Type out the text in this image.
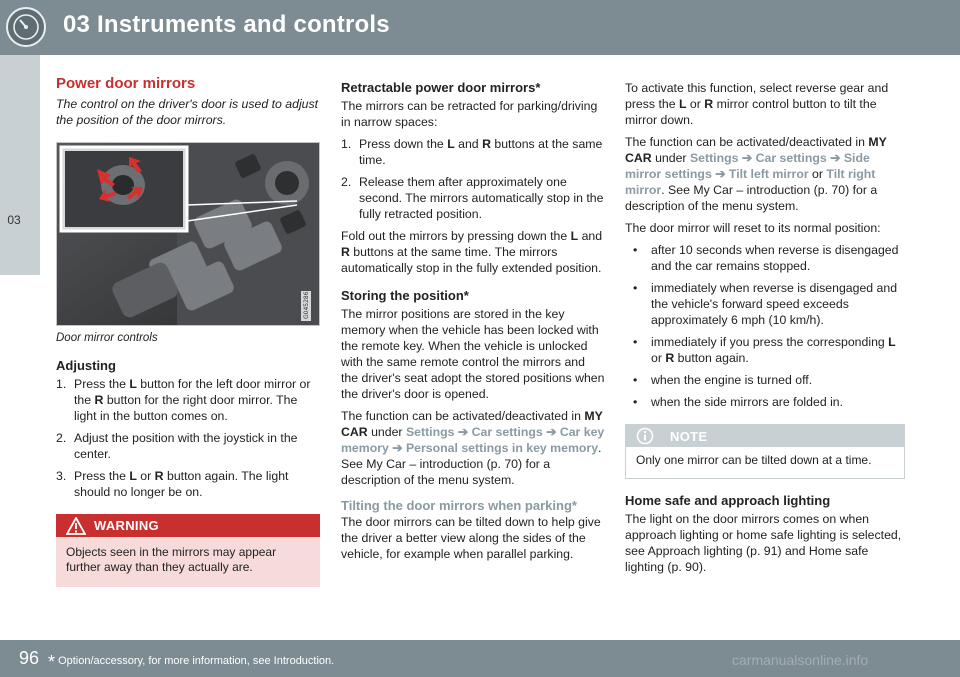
03 Instruments and controls
03
Power door mirrors
The control on the driver's door is used to adjust the position of the door mirrors.
G045286
Door mirror controls
Adjusting
1. Press the L button for the left door mirror or the R button for the right door mirror. The light in the button comes on.
2. Adjust the position with the joystick in the center.
3. Press the L or R button again. The light should no longer be on.
WARNING
Objects seen in the mirrors may appear further away than they actually are.
Retractable power door mirrors*

The mirrors can be retracted for parking/driving in narrow spaces:

1. Press down the L and R buttons at the same time.
2. Release them after approximately one second. The mirrors automatically stop in the fully retracted position.

Fold out the mirrors by pressing down the L and R buttons at the same time. The mirrors automatically stop in the fully extended position.

Storing the position*

The mirror positions are stored in the key memory when the vehicle has been locked with the remote key. When the vehicle is unlocked with the same remote control the mirrors and the driver's seat adopt the stored positions when the driver's door is opened.

The function can be activated/deactivated in MY CAR under Settings ➔ Car settings ➔ Car key memory ➔ Personal settings in key memory. See My Car – introduction (p. 70) for a description of the menu system.

Tilting the door mirrors when parking*

The door mirrors can be tilted down to help give the driver a better view along the sides of the vehicle, for example when parallel parking.

To activate this function, select reverse gear and press the L or R mirror control button to tilt the mirror down.

The function can be activated/deactivated in MY CAR under Settings ➔ Car settings ➔ Side mirror settings ➔ Tilt left mirror or Tilt right mirror. See My Car – introduction (p. 70) for a description of the menu system.

The door mirror will reset to its normal position:

• after 10 seconds when reverse is disengaged and the car remains stopped.
• immediately when reverse is disengaged and the vehicle's forward speed exceeds approximately 6 mph (10 km/h).
• immediately if you press the corresponding L or R button again.
• when the engine is turned off.
• when the side mirrors are folded in.
NOTE
Only one mirror can be tilted down at a time.
Home safe and approach lighting

The light on the door mirrors comes on when approach lighting or home safe lighting is selected, see Approach lighting (p. 91) and Home safe lighting (p. 90).

96 * Option/accessory, for more information, see Introduction.	carmanualsonline.info
